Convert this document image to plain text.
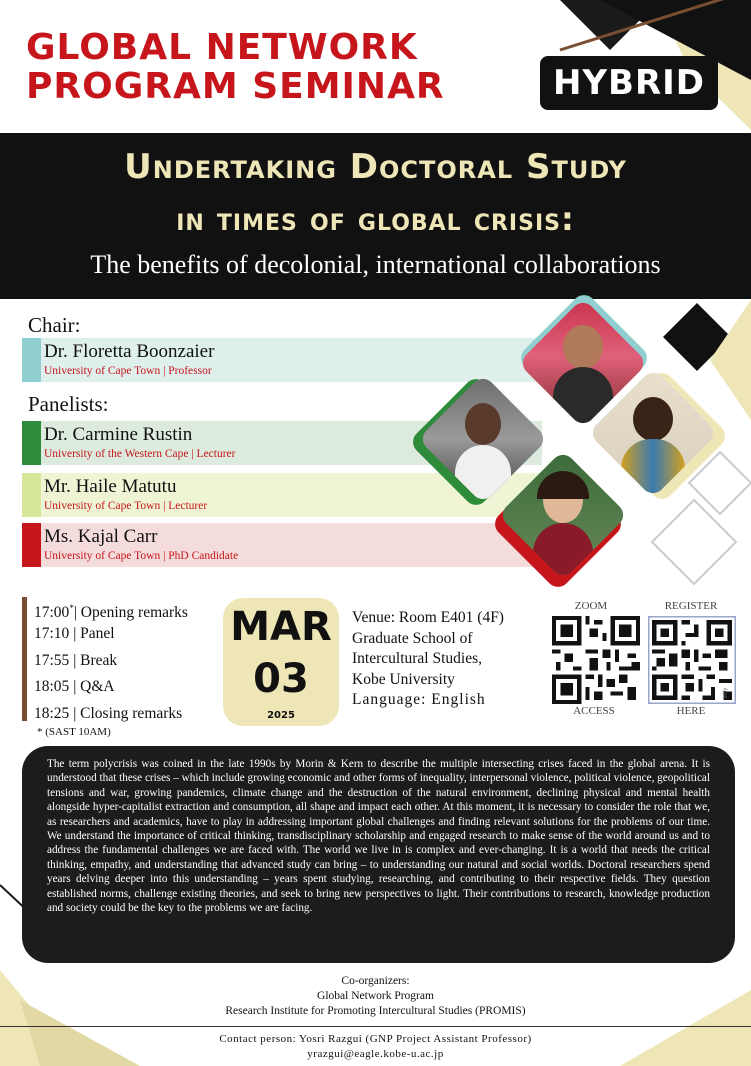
GLOBAL NETWORK
PROGRAM SEMINAR	HYBRID
Undertaking Doctoral Study
in times of global crisis:
The benefits of decolonial, international collaborations
Chair:
Dr. Floretta Boonzaier
University of Cape Town | Professor
Panelists:
Dr. Carmine Rustin
University of the Western Cape | Lecturer
Mr. Haile Matutu
University of Cape Town | Lecturer
Ms. Kajal Carr
University of Cape Town | PhD Candidate
17:00*| Opening remarks
17:10 | Panel
17:55 | Break
18:05 | Q&A
18:25 | Closing remarks
* (SAST 10AM)
MAR
03
2025
Venue: Room E401 (4F)
Graduate School of
Intercultural Studies,
Kobe University
Language: English
ZOOM	REGISTER
bitly
ACCESS	HERE
The term polycrisis was coined in the late 1990s by Morin & Kern to describe the multiple intersecting crises faced in the global arena. It is understood that these crises – which include growing economic and other forms of inequality, interpersonal violence, political violence, geopolitical tensions and war, growing pandemics, climate change and the destruction of the natural environment, declining physical and mental health alongside hyper-capitalist extraction and consumption, all shape and impact each other. At this moment, it is necessary to consider the role that we, as researchers and academics, have to play in addressing important global challenges and finding relevant solutions for the problems of our time. We understand the importance of critical thinking, transdisciplinary scholarship and engaged research to make sense of the world around us and to address the fundamental challenges we are faced with. The world we live in is complex and ever-changing. It is a world that needs the critical thinking, empathy, and understanding that advanced study can bring – to understanding our natural and social worlds. Doctoral researchers spend years delving deeper into this understanding – years spent studying, researching, and contributing to their respective fields. They question established norms, challenge existing theories, and seek to bring new perspectives to light. Their contributions to research, knowledge production and society could be the key to the problems we are facing.
Co-organizers:
Global Network Program
Research Institute for Promoting Intercultural Studies (PROMIS)
Contact person: Yosri Razgui (GNP Project Assistant Professor)
yrazgui@eagle.kobe-u.ac.jp
